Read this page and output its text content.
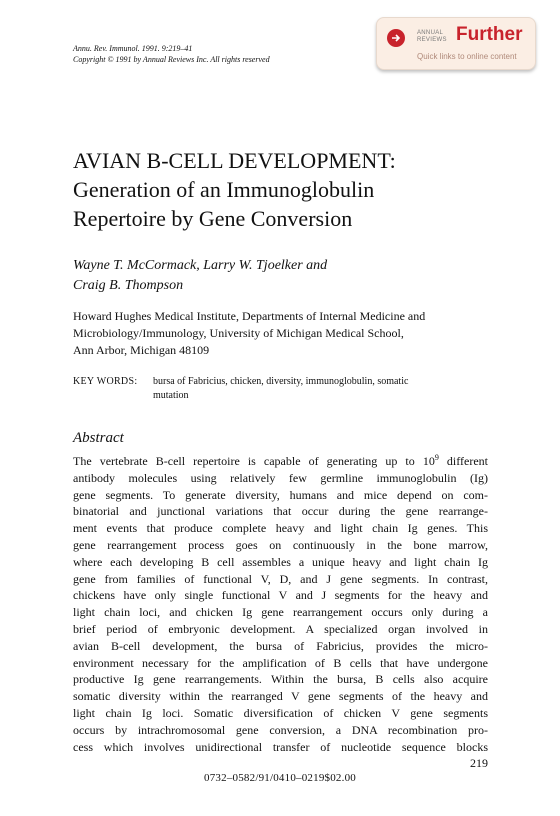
Annu. Rev. Immunol. 1991. 9:219–41
Copyright © 1991 by Annual Reviews Inc. All rights reserved
ANNUAL
REVIEWS Further
Quick links to online content
AVIAN B-CELL DEVELOPMENT:
Generation of an Immunoglobulin
Repertoire by Gene Conversion
Wayne T. McCormack, Larry W. Tjoelker and
Craig B. Thompson
Howard Hughes Medical Institute, Departments of Internal Medicine and
Microbiology/Immunology, University of Michigan Medical School,
Ann Arbor, Michigan 48109
KEY WORDS: bursa of Fabricius, chicken, diversity, immunoglobulin, somatic
mutation
Abstract
The vertebrate B-cell repertoire is capable of generating up to $10^9$ different
antibody molecules using relatively few germline immunoglobulin (Ig)
gene segments. To generate diversity, humans and mice depend on com-
binatorial and junctional variations that occur during the gene rearrange-
ment events that produce complete heavy and light chain Ig genes. This
gene rearrangement process goes on continuously in the bone marrow,
where each developing B cell assembles a unique heavy and light chain Ig
gene from families of functional V, D, and J gene segments. In contrast,
chickens have only single functional V and J segments for the heavy and
light chain loci, and chicken Ig gene rearrangement occurs only during a
brief period of embryonic development. A specialized organ involved in
avian B-cell development, the bursa of Fabricius, provides the micro-
environment necessary for the amplification of B cells that have undergone
productive Ig gene rearrangements. Within the bursa, B cells also acquire
somatic diversity within the rearranged V gene segments of the heavy and
light chain Ig loci. Somatic diversification of chicken V gene segments
occurs by intrachromosomal gene conversion, a DNA recombination pro-
cess which involves unidirectional transfer of nucleotide sequence blocks
219
0732–0582/91/0410–0219$02.00
